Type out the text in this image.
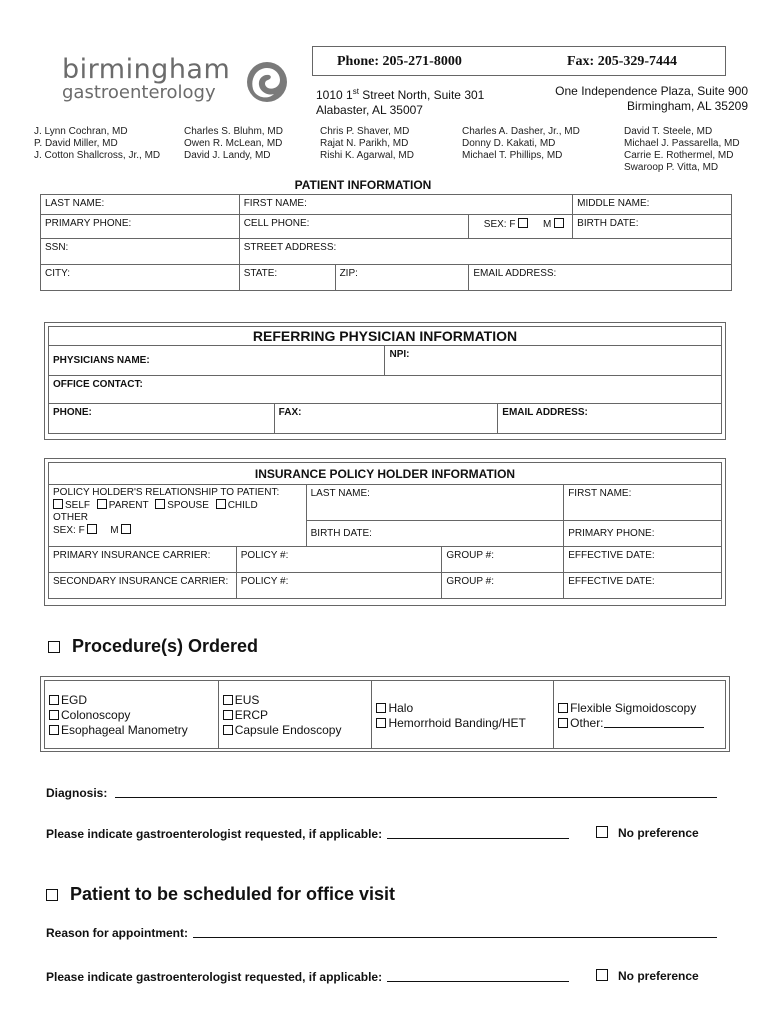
birmingham
gastroenterology
Phone: 205-271-8000	Fax: 205-329-7444
1010 1st Street North, Suite 301
Alabaster, AL 35007
One Independence Plaza, Suite 900
Birmingham, AL 35209
J. Lynn Cochran, MD
P. David Miller, MD
J. Cotton Shallcross, Jr., MD
Charles S. Bluhm, MD
Owen R. McLean, MD
David J. Landy, MD
Chris P. Shaver, MD
Rajat N. Parikh, MD
Rishi K. Agarwal, MD
Charles A. Dasher, Jr., MD
Donny D. Kakati, MD
Michael T. Phillips, MD
David T. Steele, MD
Michael J. Passarella, MD
Carrie E. Rothermel, MD
Swaroop P. Vitta, MD
PATIENT INFORMATION
LAST NAME:	FIRST NAME:			MIDDLE NAME:
PRIMARY PHONE:	CELL PHONE:		SEX: F M	BIRTH DATE:
SSN:	STREET ADDRESS:			
CITY:	STATE:	ZIP:	EMAIL ADDRESS:	
REFERRING PHYSICIAN INFORMATION			
PHYSICIANS NAME:		NPI:	
OFFICE CONTACT:			
PHONE:	FAX:		EMAIL ADDRESS:
INSURANCE POLICY HOLDER INFORMATION				

POLICY HOLDER'S RELATIONSHIP TO PATIENT:
SELF PARENT SPOUSE CHILD
OTHER
SEX: F M		LAST NAME:		FIRST NAME:
		BIRTH DATE:		PRIMARY PHONE:
PRIMARY INSURANCE CARRIER:	POLICY #:		GROUP #:	EFFECTIVE DATE:
SECONDARY INSURANCE CARRIER:	POLICY #:		GROUP #:	EFFECTIVE DATE:
Procedure(s) Ordered
EGD
Colonoscopy
Esophageal Manometry

EUS
ERCP
Capsule Endoscopy

Halo
Hemorrhoid Banding/HET

Flexible Sigmoidoscopy
Other:
Diagnosis:
Please indicate gastroenterologist requested, if applicable:	No preference
Patient to be scheduled for office visit
Reason for appointment:
Please indicate gastroenterologist requested, if applicable:	No preference
